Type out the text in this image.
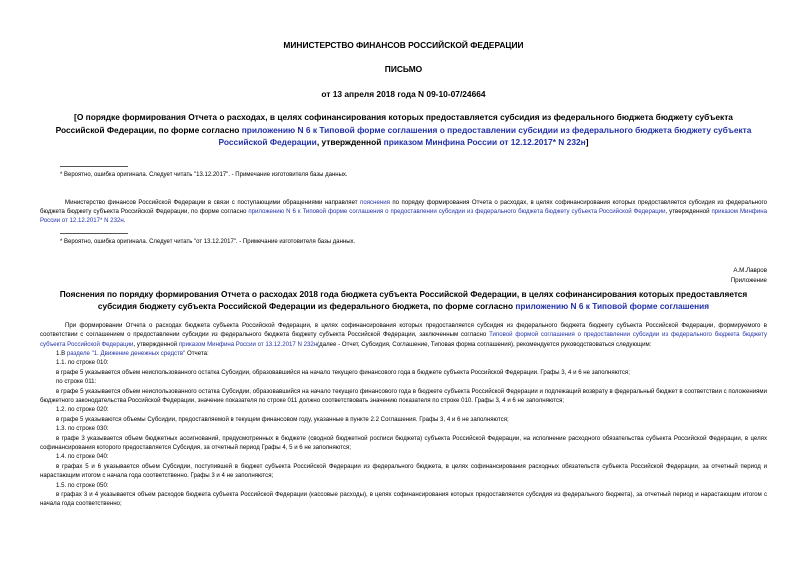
МИНИСТЕРСТВО ФИНАНСОВ РОССИЙСКОЙ ФЕДЕРАЦИИ
ПИСЬМО
от 13 апреля 2018 года N 09-10-07/24664
[О порядке формирования Отчета о расходах, в целях софинансирования которых предоставляется субсидия из федерального бюджета бюджету субъекта Российской Федерации, по форме согласно приложению N 6 к Типовой форме соглашения о предоставлении субсидии из федерального бюджета бюджету субъекта Российской Федерации, утвержденной приказом Минфина России от 12.12.2017* N 232н]
* Вероятно, ошибка оригинала. Следует читать "13.12.2017". - Примечание изготовителя базы данных.
Министерство финансов Российской Федерации в связи с поступающими обращениями направляет пояснения по порядку формирования Отчета о расходах, в целях софинансирования которых предоставляется субсидия из федерального бюджета бюджету субъекта Российской Федерации, по форме согласно приложению N 6 к Типовой форме соглашения о предоставлении субсидии из федерального бюджета бюджету субъекта Российской Федерации, утвержденной приказом Минфина России от 12.12.2017* N 232н.
* Вероятно, ошибка оригинала. Следует читать "от 13.12.2017". - Примечание изготовителя базы данных.
А.М.Лавров
Приложение
Пояснения по порядку формирования Отчета о расходах 2018 года бюджета субъекта Российской Федерации, в целях софинансирования которых предоставляется субсидия бюджету субъекта Российской Федерации из федерального бюджета, по форме согласно приложению N 6 к Типовой форме соглашения
При формировании Отчета о расходах бюджета субъекта Российской Федерации, в целях софинансирования которых предоставляется субсидия из федерального бюджета бюджету субъекта Российской Федерации, формируемого в соответствии с соглашением о предоставлении субсидии из федерального бюджета бюджету субъекта Российской Федерации, заключенным согласно Типовой формой соглашения о предоставлении субсидии из федерального бюджета бюджету субъекта Российской Федерации, утвержденной приказом Минфина России от 13.12.2017 N 232н(далее - Отчет, Субсидия, Соглашение, Типовая форма соглашения), рекомендуется руководствоваться следующим:
1.В разделе "1. Движение денежных средств" Отчета:
1.1. по строке 010:
в графе 5 указывается объем неиспользованного остатка Субсидии, образовавшийся на начало текущего финансового года в бюджете субъекта Российской Федерации. Графы 3, 4 и 6 не заполняются;
по строке 011:
в графе 5 указывается объем неиспользованного остатка Субсидии, образовавшийся на начало текущего финансового года в бюджете субъекта Российской Федерации и подлежащий возврату в федеральный бюджет в соответствии с положениями бюджетного законодательства Российской Федерации, значение показателя по строке 011 должно соответствовать значению показателя по строке 010. Графы 3, 4 и 6 не заполняются;
1.2. по строке 020:
в графе 5 указываются объемы Субсидии, предоставляемой в текущем финансовом году, указанные в пункте 2.2 Соглашения. Графы 3, 4 и 6 не заполняются;
1.3. по строке 030:
в графе 3 указывается объем бюджетных ассигнований, предусмотренных в бюджете (сводной бюджетной росписи бюджета) субъекта Российской Федерации, на исполнение расходного обязательства субъекта Российской Федерации, в целях софинансирования которого предоставляется Субсидия, за отчетный период Графы 4, 5 и 6 не заполняются;
1.4. по строке 040:
в графах 5 и 6 указывается объем Субсидии, поступившей в бюджет субъекта Российской Федерации из федерального бюджета, в целях софинансирования расходных обязательств субъекта Российской Федерации, за отчетный период и нарастающим итогом с начала года соответственно. Графы 3 и 4 не заполняются;
1.5. по строке 050:
в графах 3 и 4 указывается объем расходов бюджета субъекта Российской Федерации (кассовые расходы), в целях софинансирования которых предоставляется субсидия из федерального бюджета), за отчетный период и нарастающим итогом с начала года соответственно;
